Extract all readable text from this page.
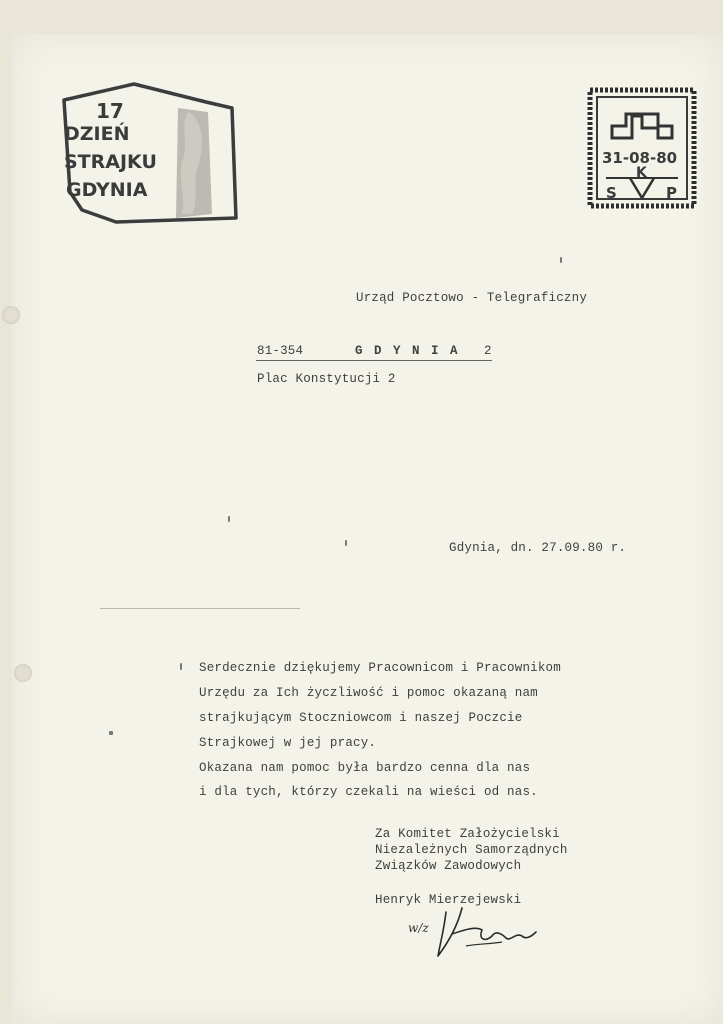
17
DZIEŃ
STRAJKU
GDYNIA
31-08-80
K
S	P
Urząd Pocztowo - Telegraficzny
81-354	G D Y N I A 2
Plac Konstytucji 2
Gdynia, dn. 27.09.80 r.
Serdecznie dziękujemy Pracownicom i Pracownikom
Urzędu za Ich życzliwość i pomoc okazaną nam
strajkującym Stoczniowcom i naszej Poczcie
Strajkowej w jej pracy.
Okazana nam pomoc była bardzo cenna dla nas
i dla tych, którzy czekali na wieści od nas.
Za Komitet Założycielski
Niezależnych Samorządnych
Związków Zawodowych
Henryk Mierzejewski
w/z
